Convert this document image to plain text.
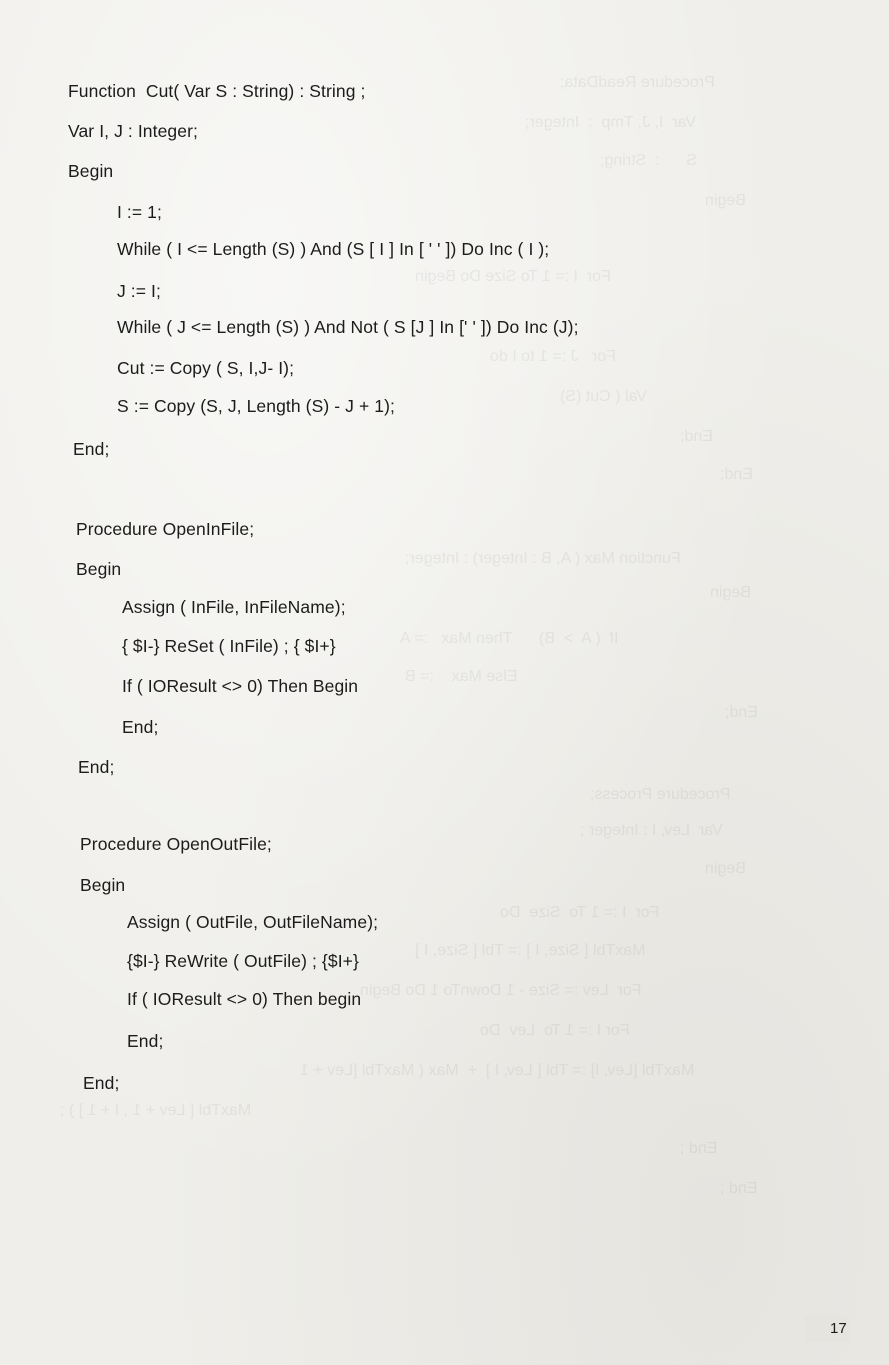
Procedure ReadData;
Var  I, J, Tmp  :  Integer;
S      :  String;
Begin
For  I := 1 To Size Do Begin
For   J := 1 to I do
Val ( Cut (S)
End;
End;
Function Max ( A, B : Integer) : Integer;
Begin
If  ( A  >  B)      Then Max   := A
Else Max    := B
End;
Procedure Process;
Var  Lev, I : Integer ;
Begin
For  I := 1 To  Size  Do
MaxTbl [ Size, I ] := Tbl [ Size, I ]
For  Lev := Size - 1 DownTo 1 Do Begin
For I := 1 To  Lev  Do
MaxTbl [Lev, I] := Tbl [ Lev, I ]  +  Max ( MaxTbl [Lev + 1
MaxTbl [ Lev + 1 , I + 1 ] ) ;
End ;
End ;
Function  Cut( Var S : String) : String ;
Var I, J : Integer;
Begin
I := 1;
While ( I <= Length (S) ) And (S [ I ] In [ ' ' ]) Do Inc ( I );
J := I;
While ( J <= Length (S) ) And Not ( S [J ] In [' ' ]) Do Inc (J);
Cut := Copy ( S, I,J- I);
S := Copy (S, J, Length (S) - J + 1);
End;
Procedure OpenInFile;
Begin
Assign ( InFile, InFileName);
{ $I-} ReSet ( InFile) ; { $I+}
If ( IOResult <> 0) Then Begin
End;
End;
Procedure OpenOutFile;
Begin
Assign ( OutFile, OutFileName);
{$I-} ReWrite ( OutFile) ; {$I+}
If ( IOResult <> 0) Then begin
End;
End;
17
